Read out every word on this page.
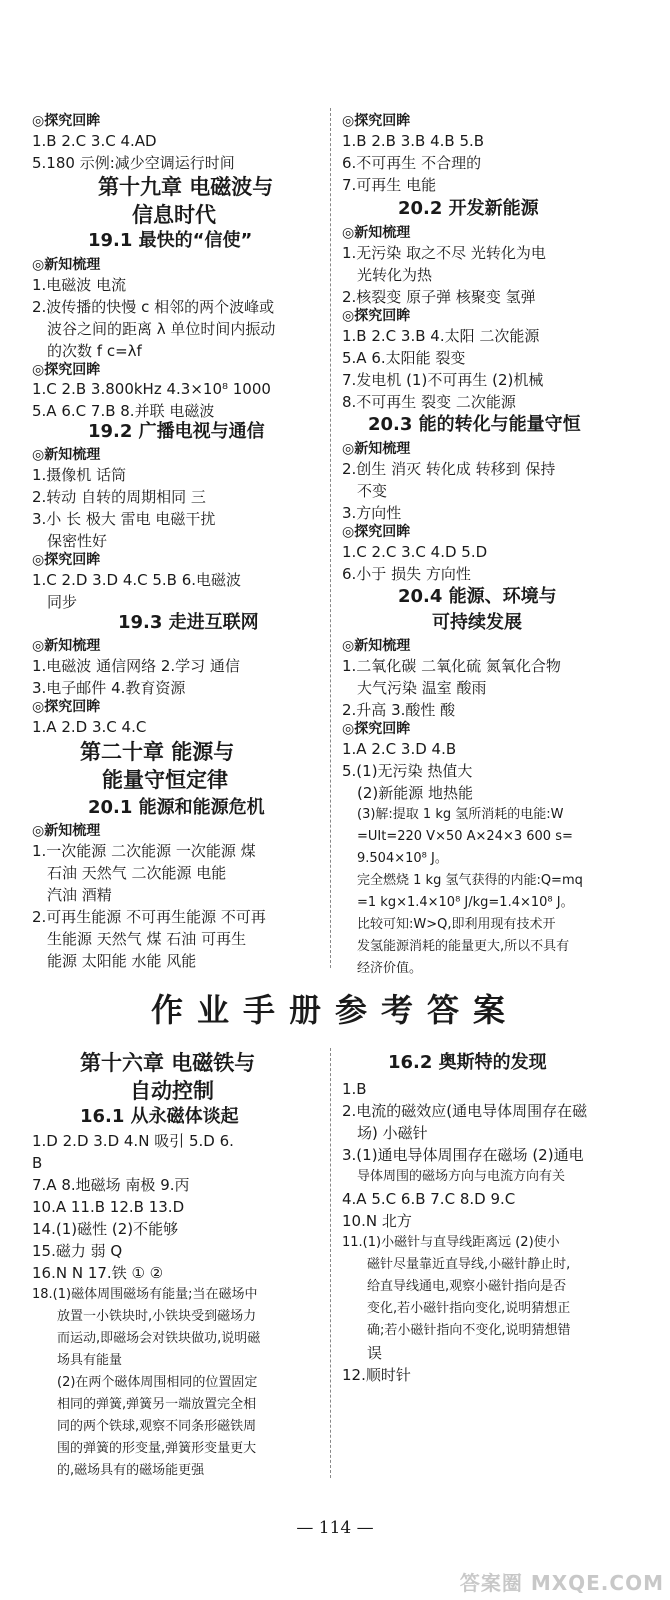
◎探究回眸
1.B 2.C 3.C 4.AD
5.180 示例:减少空调运行时间
第十九章 电磁波与
信息时代
19.1 最快的“信使”
◎新知梳理
1.电磁波 电流
2.波传播的快慢 c 相邻的两个波峰或
波谷之间的距离 λ 单位时间内振动
的次数 f c=λf
◎探究回眸
1.C 2.B 3.800kHz 4.3×10⁸ 1000
5.A 6.C 7.B 8.并联 电磁波
19.2 广播电视与通信
◎新知梳理
1.摄像机 话筒
2.转动 自转的周期相同 三
3.小 长 极大 雷电 电磁干扰
保密性好
◎探究回眸
1.C 2.D 3.D 4.C 5.B 6.电磁波
同步
19.3 走进互联网
◎新知梳理
1.电磁波 通信网络 2.学习 通信
3.电子邮件 4.教育资源
◎探究回眸
1.A 2.D 3.C 4.C
第二十章 能源与
能量守恒定律
20.1 能源和能源危机
◎新知梳理
1.一次能源 二次能源 一次能源 煤
石油 天然气 二次能源 电能
汽油 酒精
2.可再生能源 不可再生能源 不可再
生能源 天然气 煤 石油 可再生
能源 太阳能 水能 风能
◎探究回眸
1.B 2.B 3.B 4.B 5.B
6.不可再生 不合理的
7.可再生 电能
20.2 开发新能源
◎新知梳理
1.无污染 取之不尽 光转化为电
光转化为热
2.核裂变 原子弹 核聚变 氢弹
◎探究回眸
1.B 2.C 3.B 4.太阳 二次能源
5.A 6.太阳能 裂变
7.发电机 (1)不可再生 (2)机械
8.不可再生 裂变 二次能源
20.3 能的转化与能量守恒
◎新知梳理
2.创生 消灭 转化成 转移到 保持
不变
3.方向性
◎探究回眸
1.C 2.C 3.C 4.D 5.D
6.小于 损失 方向性
20.4 能源、环境与
可持续发展
◎新知梳理
1.二氧化碳 二氧化硫 氮氧化合物
大气污染 温室 酸雨
2.升高 3.酸性 酸
◎探究回眸
1.A 2.C 3.D 4.B
5.(1)无污染 热值大
(2)新能源 地热能
(3)解:提取 1 kg 氢所消耗的电能:W
=UIt=220 V×50 A×24×3 600 s=
9.504×10⁸ J。
完全燃烧 1 kg 氢气获得的内能:Q=mq
=1 kg×1.4×10⁸ J/kg=1.4×10⁸ J。
比较可知:W>Q,即利用现有技术开
发氢能源消耗的能量更大,所以不具有
经济价值。
作业手册参考答案
第十六章 电磁铁与
自动控制
16.1 从永磁体谈起
1.D 2.D 3.D 4.N 吸引 5.D 6.
B
7.A 8.地磁场 南极 9.丙
10.A 11.B 12.B 13.D
14.(1)磁性 (2)不能够
15.磁力 弱 Q
16.N N 17.铁 ① ②
18.(1)磁体周围磁场有能量;当在磁场中
放置一小铁块时,小铁块受到磁场力
而运动,即磁场会对铁块做功,说明磁
场具有能量
(2)在两个磁体周围相同的位置固定
相同的弹簧,弹簧另一端放置完全相
同的两个铁球,观察不同条形磁铁周
围的弹簧的形变量,弹簧形变量更大
的,磁场具有的磁场能更强
16.2 奥斯特的发现
1.B
2.电流的磁效应(通电导体周围存在磁
场) 小磁针
3.(1)通电导体周围存在磁场 (2)通电
导体周围的磁场方向与电流方向有关
4.A 5.C 6.B 7.C 8.D 9.C
10.N 北方
11.(1)小磁针与直导线距离远 (2)使小
磁针尽量靠近直导线,小磁针静止时,
给直导线通电,观察小磁针指向是否
变化,若小磁针指向变化,说明猜想正
确;若小磁针指向不变化,说明猜想错
误
12.顺时针
— 114 —
答案圈 MXQE.COM
